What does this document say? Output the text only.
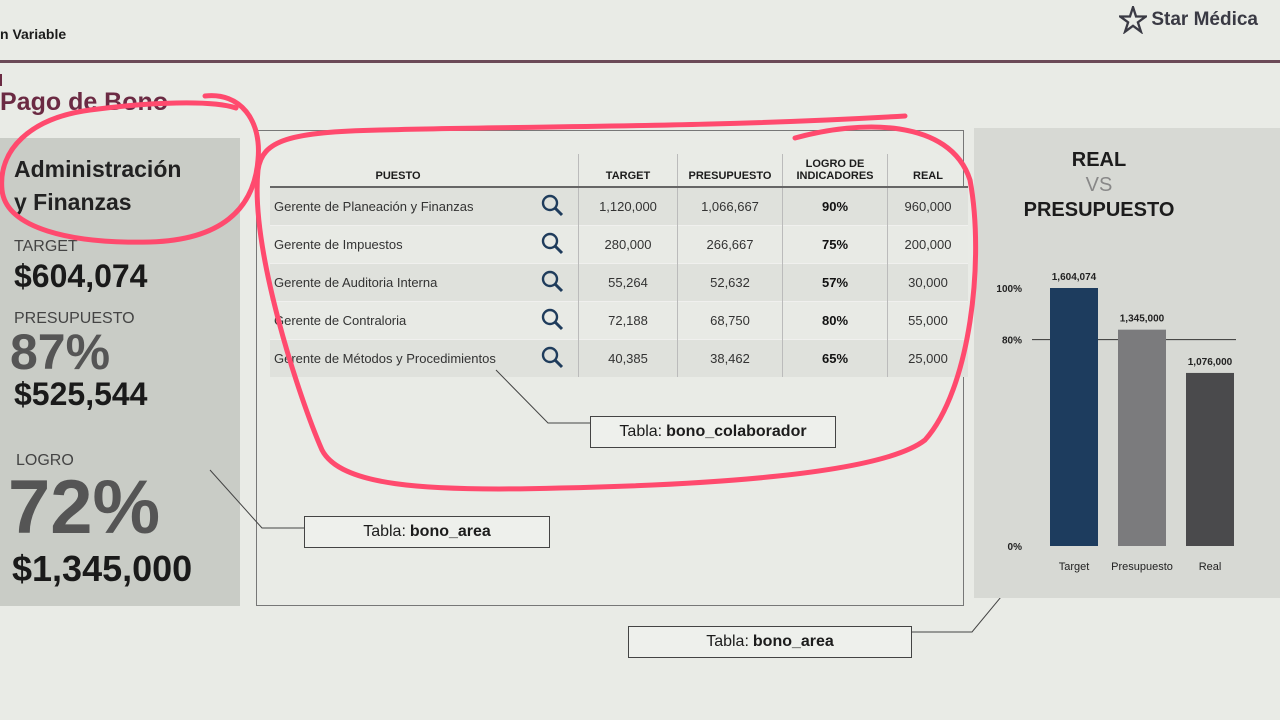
n Variable
Star Médica
Pago de Bono
Administración
y Finanzas
TARGET
$604,074
PRESUPUESTO
87%
$525,544
LOGRO
72%
$1,345,000
PUESTO		TARGET	PRESUPUESTO	LOGRO DE
INDICADORES	REAL
Gerente de Planeación y Finanzas		1,120,000	1,066,667	90%	960,000
Gerente de Impuestos		280,000	266,667	75%	200,000
Gerente de Auditoria Interna		55,264	52,632	57%	30,000
Gerente de Contraloria		72,188	68,750	80%	55,000
Gerente de Métodos y Procedimientos		40,385	38,462	65%	25,000
Tabla: bono_colaborador
Tabla: bono_area
Tabla: bono_area
REAL
VS
PRESUPUESTO
100%
80%
0%
1,604,074
Target
1,345,000
Presupuesto
1,076,000
Real
